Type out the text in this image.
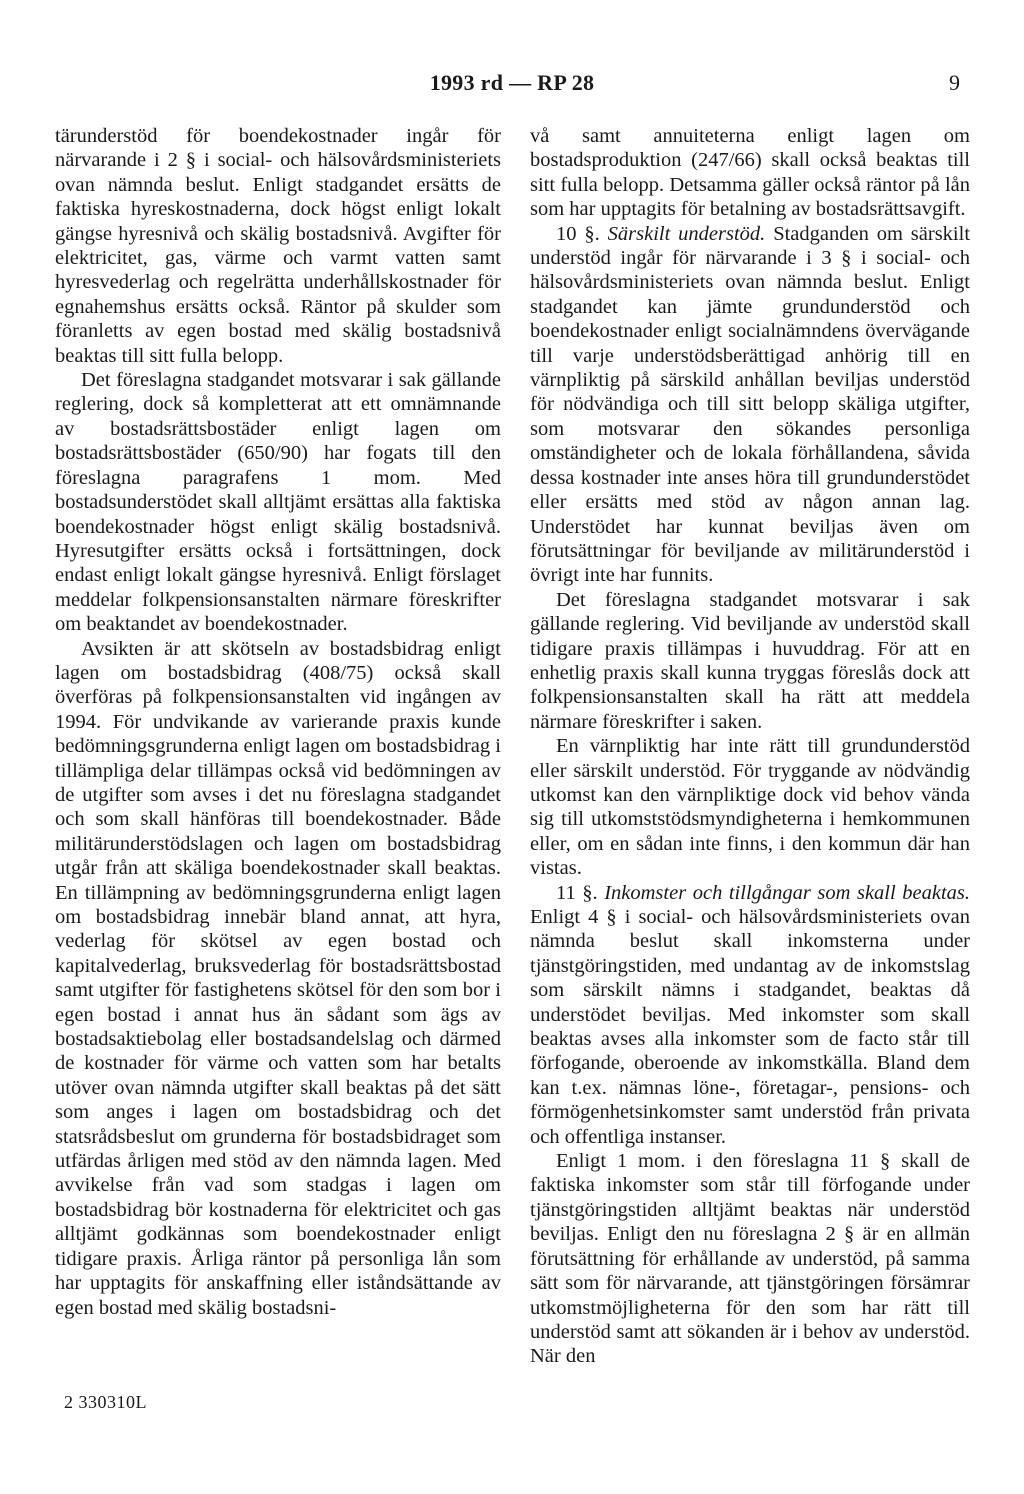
1993 rd — RP 28	9

tärunderstöd för boendekostnader ingår för närvarande i 2 § i social- och hälsovårdsministeriets ovan nämnda beslut. Enligt stadgandet ersätts de faktiska hyreskostnaderna, dock högst enligt lokalt gängse hyresnivå och skälig bostadsnivå. Avgifter för elektricitet, gas, värme och varmt vatten samt hyresvederlag och regelrätta underhållskostnader för egnahemshus ersätts också. Räntor på skulder som föranletts av egen bostad med skälig bostadsnivå beaktas till sitt fulla belopp.

Det föreslagna stadgandet motsvarar i sak gällande reglering, dock så kompletterat att ett omnämnande av bostadsrättsbostäder enligt lagen om bostadsrättsbostäder (650/90) har fogats till den föreslagna paragrafens 1 mom. Med bostadsunderstödet skall alltjämt ersättas alla faktiska boendekostnader högst enligt skälig bostadsnivå. Hyresutgifter ersätts också i fortsättningen, dock endast enligt lokalt gängse hyresnivå. Enligt förslaget meddelar folkpensionsanstalten närmare föreskrifter om beaktandet av boendekostnader.

Avsikten är att skötseln av bostadsbidrag enligt lagen om bostadsbidrag (408/75) också skall överföras på folkpensionsanstalten vid ingången av 1994. För undvikande av varierande praxis kunde bedömningsgrunderna enligt lagen om bostadsbidrag i tillämpliga delar tillämpas också vid bedömningen av de utgifter som avses i det nu föreslagna stadgandet och som skall hänföras till boendekostnader. Både militärunderstödslagen och lagen om bostadsbidrag utgår från att skäliga boendekostnader skall beaktas. En tillämpning av bedömningsgrunderna enligt lagen om bostadsbidrag innebär bland annat, att hyra, vederlag för skötsel av egen bostad och kapitalvederlag, bruksvederlag för bostadsrättsbostad samt utgifter för fastighetens skötsel för den som bor i egen bostad i annat hus än sådant som ägs av bostadsaktiebolag eller bostadsandelslag och därmed de kostnader för värme och vatten som har betalts utöver ovan nämnda utgifter skall beaktas på det sätt som anges i lagen om bostadsbidrag och det statsrådsbeslut om grunderna för bostadsbidraget som utfärdas årligen med stöd av den nämnda lagen. Med avvikelse från vad som stadgas i lagen om bostadsbidrag bör kostnaderna för elektricitet och gas alltjämt godkännas som boendekostnader enligt tidigare praxis. Årliga räntor på personliga lån som har upptagits för anskaffning eller iståndsättande av egen bostad med skälig bostadsni-

vå samt annuiteterna enligt lagen om bostadsproduktion (247/66) skall också beaktas till sitt fulla belopp. Detsamma gäller också räntor på lån som har upptagits för betalning av bostadsrättsavgift.

10 §. Särskilt understöd. Stadganden om särskilt understöd ingår för närvarande i 3 § i social- och hälsovårdsministeriets ovan nämnda beslut. Enligt stadgandet kan jämte grundunderstöd och boendekostnader enligt socialnämndens övervägande till varje understödsberättigad anhörig till en värnpliktig på särskild anhållan beviljas understöd för nödvändiga och till sitt belopp skäliga utgifter, som motsvarar den sökandes personliga omständigheter och de lokala förhållandena, såvida dessa kostnader inte anses höra till grundunderstödet eller ersätts med stöd av någon annan lag. Understödet har kunnat beviljas även om förutsättningar för beviljande av militärunderstöd i övrigt inte har funnits.

Det föreslagna stadgandet motsvarar i sak gällande reglering. Vid beviljande av understöd skall tidigare praxis tillämpas i huvuddrag. För att en enhetlig praxis skall kunna tryggas föreslås dock att folkpensionsanstalten skall ha rätt att meddela närmare föreskrifter i saken.

En värnpliktig har inte rätt till grundunderstöd eller särskilt understöd. För tryggande av nödvändig utkomst kan den värnpliktige dock vid behov vända sig till utkomststödsmyndigheterna i hemkommunen eller, om en sådan inte finns, i den kommun där han vistas.

11 §. Inkomster och tillgångar som skall beaktas. Enligt 4 § i social- och hälsovårdsministeriets ovan nämnda beslut skall inkomsterna under tjänstgöringstiden, med undantag av de inkomstslag som särskilt nämns i stadgandet, beaktas då understödet beviljas. Med inkomster som skall beaktas avses alla inkomster som de facto står till förfogande, oberoende av inkomstkälla. Bland dem kan t.ex. nämnas löne-, företagar-, pensions- och förmögenhetsinkomster samt understöd från privata och offentliga instanser.

Enligt 1 mom. i den föreslagna 11 § skall de faktiska inkomster som står till förfogande under tjänstgöringstiden alltjämt beaktas när understöd beviljas. Enligt den nu föreslagna 2 § är en allmän förutsättning för erhållande av understöd, på samma sätt som för närvarande, att tjänstgöringen försämrar utkomstmöjligheterna för den som har rätt till understöd samt att sökanden är i behov av understöd. När den

2 330310L
